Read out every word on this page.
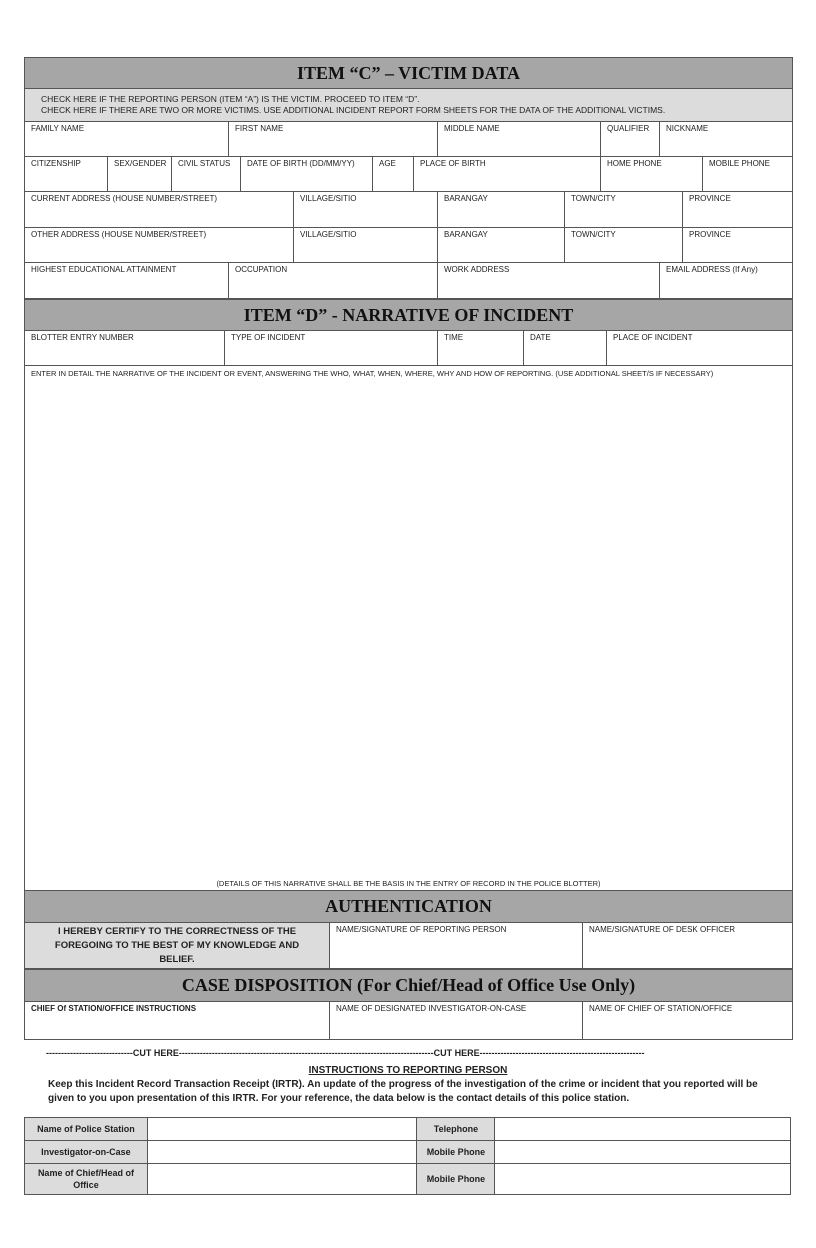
ITEM “C” – VICTIM DATA
CHECK HERE IF THE REPORTING PERSON (ITEM “A”) IS THE VICTIM. PROCEED TO ITEM “D”.
CHECK HERE IF THERE ARE TWO OR MORE VICTIMS. USE ADDITIONAL INCIDENT REPORT FORM SHEETS FOR THE DATA OF THE ADDITIONAL VICTIMS.
FAMILY NAME	FIRST NAME	MIDDLE NAME	QUALIFIER	NICKNAME
CITIZENSHIP	SEX/GENDER	CIVIL STATUS	DATE OF BIRTH (DD/MM/YY)	AGE	PLACE OF BIRTH	HOME PHONE	MOBILE PHONE
CURRENT ADDRESS (HOUSE NUMBER/STREET)	VILLAGE/SITIO	BARANGAY	TOWN/CITY	PROVINCE
OTHER ADDRESS (HOUSE NUMBER/STREET)	VILLAGE/SITIO	BARANGAY	TOWN/CITY	PROVINCE
HIGHEST EDUCATIONAL ATTAINMENT	OCCUPATION	WORK ADDRESS	EMAIL ADDRESS (If Any)
ITEM “D” - NARRATIVE OF INCIDENT
BLOTTER ENTRY NUMBER	TYPE OF INCIDENT	TIME	DATE	PLACE OF INCIDENT
ENTER IN DETAIL THE NARRATIVE OF THE INCIDENT OR EVENT, ANSWERING THE WHO, WHAT, WHEN, WHERE, WHY AND HOW OF REPORTING. (USE ADDITIONAL SHEET/S IF NECESSARY)
(DETAILS OF THIS NARRATIVE SHALL BE THE BASIS IN THE ENTRY OF RECORD IN THE POLICE BLOTTER)
AUTHENTICATION
I HEREBY CERTIFY TO THE CORRECTNESS OF THE FOREGOING TO THE BEST OF MY KNOWLEDGE AND BELIEF.
NAME/SIGNATURE OF REPORTING PERSON	NAME/SIGNATURE OF DESK OFFICER
CASE DISPOSITION (For Chief/Head of Office Use Only)
CHIEF Of STATION/OFFICE INSTRUCTIONS	NAME OF DESIGNATED INVESTIGATOR-ON-CASE	NAME OF CHIEF OF STATION/OFFICE
-----------------------------CUT HERE-------------------------------------------------------------------------------------CUT HERE-------------------------------------------------------
INSTRUCTIONS TO REPORTING PERSON
Keep this Incident Record Transaction Receipt (IRTR). An update of the progress of the investigation of the crime or incident that you reported will be given to you upon presentation of this IRTR. For your reference, the data below is the contact details of this police station.
Name of Police Station		Telephone	
Investigator-on-Case		Mobile Phone	
Name of Chief/Head of Office		Mobile Phone	
